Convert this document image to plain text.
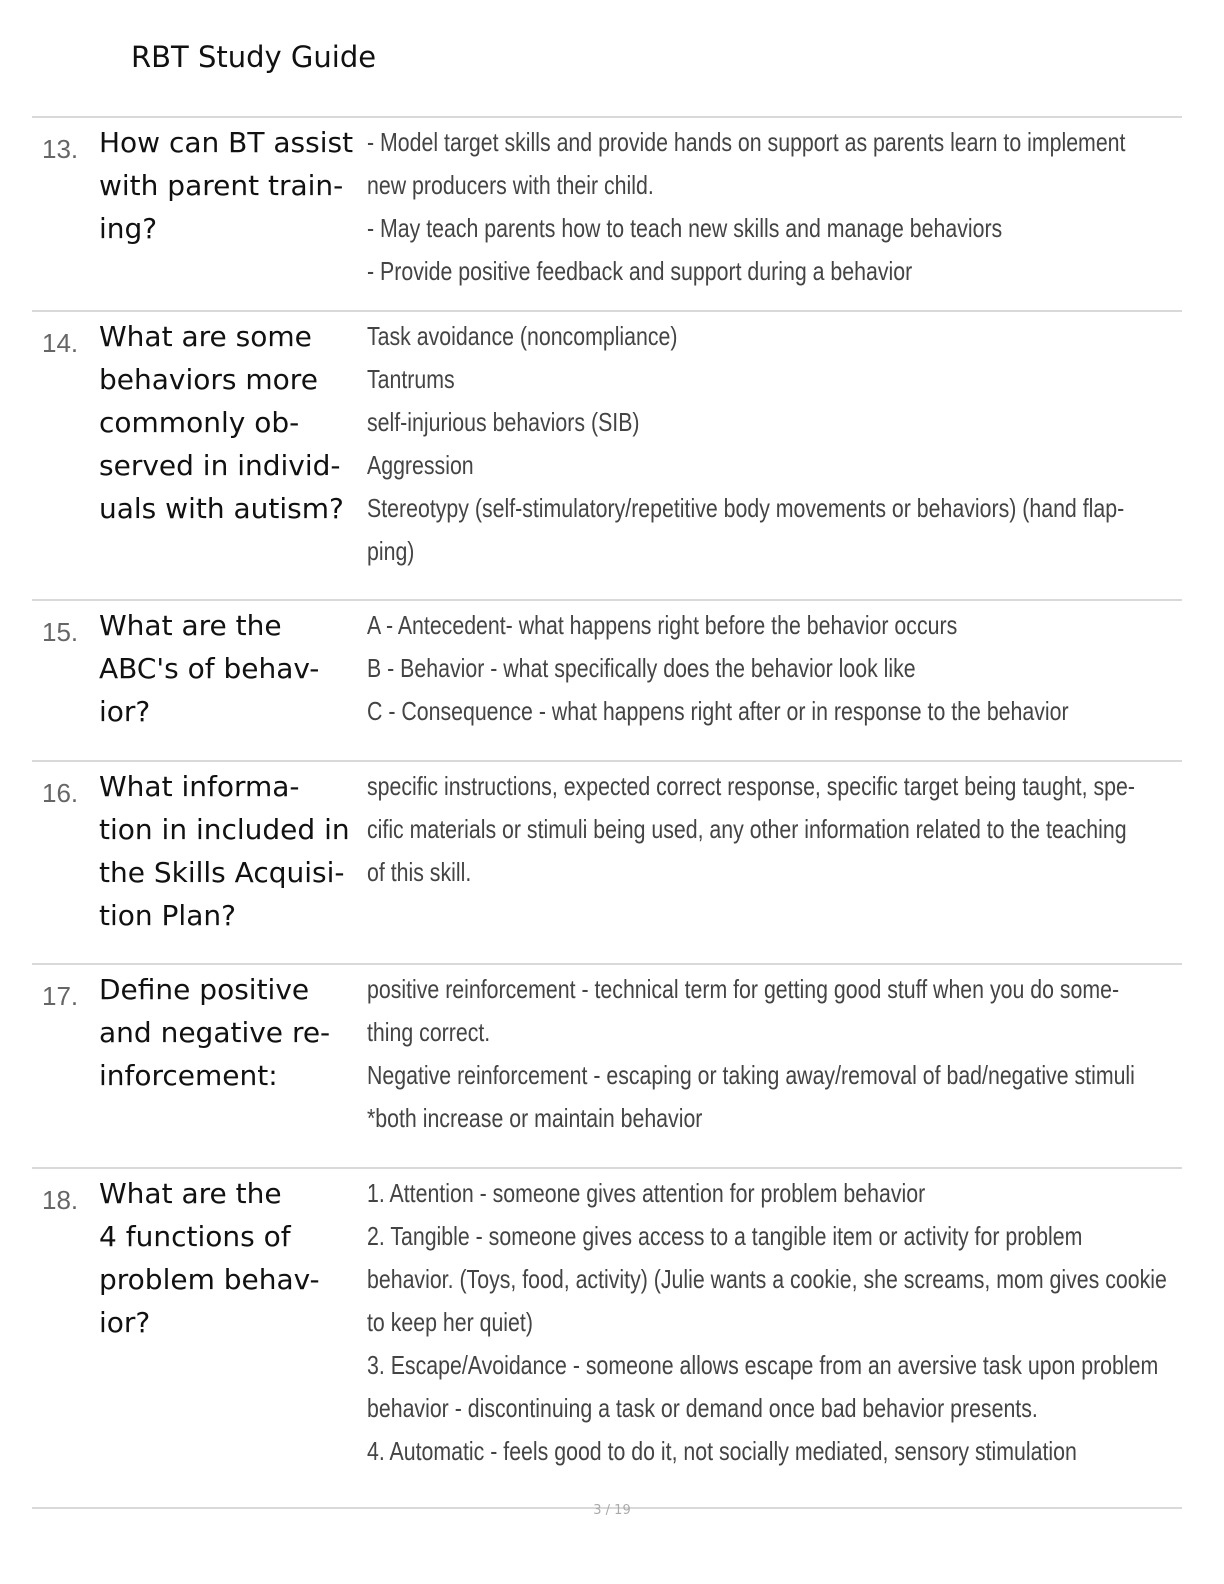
RBT Study Guide
13. How can BT assist
with parent train-
ing?
- Model target skills and provide hands on support as parents learn to implement
new producers with their child.
- May teach parents how to teach new skills and manage behaviors
- Provide positive feedback and support during a behavior
14. What are some
behaviors more
commonly ob-
served in individ-
uals with autism?
Task avoidance (noncompliance)
Tantrums
self-injurious behaviors (SIB)
Aggression
Stereotypy (self-stimulatory/repetitive body movements or behaviors) (hand flap-
ping)
15. What are the
ABC's of behav-
ior?
A - Antecedent- what happens right before the behavior occurs
B - Behavior - what specifically does the behavior look like
C - Consequence - what happens right after or in response to the behavior
16. What informa-
tion in included in
the Skills Acquisi-
tion Plan?
specific instructions, expected correct response, specific target being taught, spe-
cific materials or stimuli being used, any other information related to the teaching
of this skill.
17. Define positive
and negative re-
inforcement:
positive reinforcement - technical term for getting good stuff when you do some-
thing correct.
Negative reinforcement - escaping or taking away/removal of bad/negative stimuli
*both increase or maintain behavior
18. What are the
4 functions of
problem behav-
ior?
1. Attention - someone gives attention for problem behavior
2. Tangible - someone gives access to a tangible item or activity for problem
behavior. (Toys, food, activity) (Julie wants a cookie, she screams, mom gives cookie
to keep her quiet)
3. Escape/Avoidance - someone allows escape from an aversive task upon problem
behavior - discontinuing a task or demand once bad behavior presents.
4. Automatic - feels good to do it, not socially mediated, sensory stimulation
3 / 19
